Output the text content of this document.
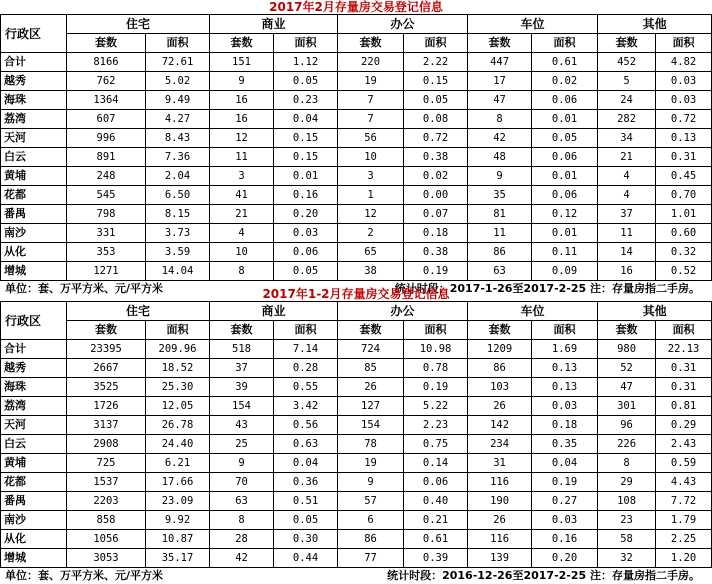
2017年2月存量房交易登记信息
行政区	住宅		商业		办公		车位		其他	
	套数	面积	套数	面积	套数	面积	套数	面积	套数	面积
合计	8166	72.61	151	1.12	220	2.22	447	0.61	452	4.82
越秀	762	5.02	9	0.05	19	0.15	17	0.02	5	0.03
海珠	1364	9.49	16	0.23	7	0.05	47	0.06	24	0.03
荔湾	607	4.27	16	0.04	7	0.08	8	0.01	282	0.72
天河	996	8.43	12	0.15	56	0.72	42	0.05	34	0.13
白云	891	7.36	11	0.15	10	0.38	48	0.06	21	0.31
黄埔	248	2.04	3	0.01	3	0.02	9	0.01	4	0.45
花都	545	6.50	41	0.16	1	0.00	35	0.06	4	0.70
番禺	798	8.15	21	0.20	12	0.07	81	0.12	37	1.01
南沙	331	3.73	4	0.03	2	0.18	11	0.01	11	0.60
从化	353	3.59	10	0.06	65	0.38	86	0.11	14	0.32
增城	1271	14.04	8	0.05	38	0.19	63	0.09	16	0.52
单位：套、万平方米、元/平方米	统计时段：2017-1-26至2017-2-25 注：存量房指二手房。
2017年1-2月存量房交易登记信息
行政区	住宅		商业		办公		车位		其他	
	套数	面积	套数	面积	套数	面积	套数	面积	套数	面积
合计	23395	209.96	518	7.14	724	10.98	1209	1.69	980	22.13
越秀	2667	18.52	37	0.28	85	0.78	86	0.13	52	0.31
海珠	3525	25.30	39	0.55	26	0.19	103	0.13	47	0.31
荔湾	1726	12.05	154	3.42	127	5.22	26	0.03	301	0.81
天河	3137	26.78	43	0.56	154	2.23	142	0.18	96	0.29
白云	2908	24.40	25	0.63	78	0.75	234	0.35	226	2.43
黄埔	725	6.21	9	0.04	19	0.14	31	0.04	8	0.59
花都	1537	17.66	70	0.36	9	0.06	116	0.19	29	4.43
番禺	2203	23.09	63	0.51	57	0.40	190	0.27	108	7.72
南沙	858	9.92	8	0.05	6	0.21	26	0.03	23	1.79
从化	1056	10.87	28	0.30	86	0.61	116	0.16	58	2.25
增城	3053	35.17	42	0.44	77	0.39	139	0.20	32	1.20
单位：套、万平方米、元/平方米	统计时段：2016-12-26至2017-2-25 注：存量房指二手房。
